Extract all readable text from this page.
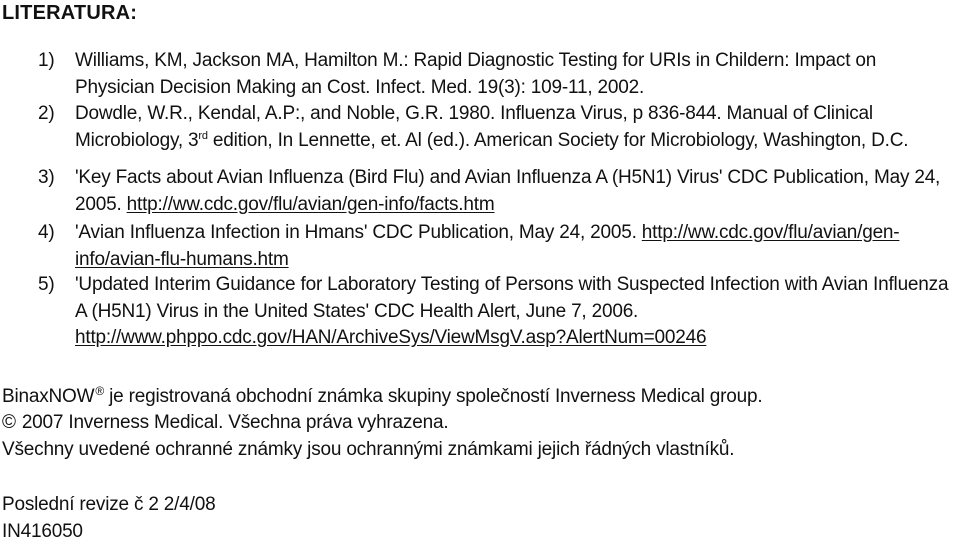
LITERATURA:
1)	Williams, KM, Jackson MA, Hamilton M.: Rapid Diagnostic Testing for URIs in Childern: Impact on Physician Decision Making an Cost. Infect. Med. 19(3): 109-11, 2002.
2)	Dowdle, W.R., Kendal, A.P:, and Noble, G.R. 1980. Influenza Virus, p 836-844. Manual of Clinical Microbiology, 3rd edition, In Lennette, et. Al (ed.). American Society for Microbiology, Washington, D.C.
3)	'Key Facts about Avian Influenza (Bird Flu) and Avian Influenza A (H5N1) Virus' CDC Publication, May 24, 2005. http://ww.cdc.gov/flu/avian/gen-info/facts.htm
4)	'Avian Influenza Infection in Hmans' CDC Publication, May 24, 2005. http://ww.cdc.gov/flu/avian/gen-info/avian-flu-humans.htm
5)	'Updated Interim Guidance for Laboratory Testing of Persons with Suspected Infection with Avian Influenza A (H5N1) Virus in the United States' CDC Health Alert, June 7, 2006. http://www.phppo.cdc.gov/HAN/ArchiveSys/ViewMsgV.asp?AlertNum=00246
BinaxNOW® je registrovaná obchodní známka skupiny společností Inverness Medical group.
© 2007 Inverness Medical. Všechna práva vyhrazena.
Všechny uvedené ochranné známky jsou ochrannými známkami jejich řádných vlastníků.
Poslední revize č 2 2/4/08
IN416050
